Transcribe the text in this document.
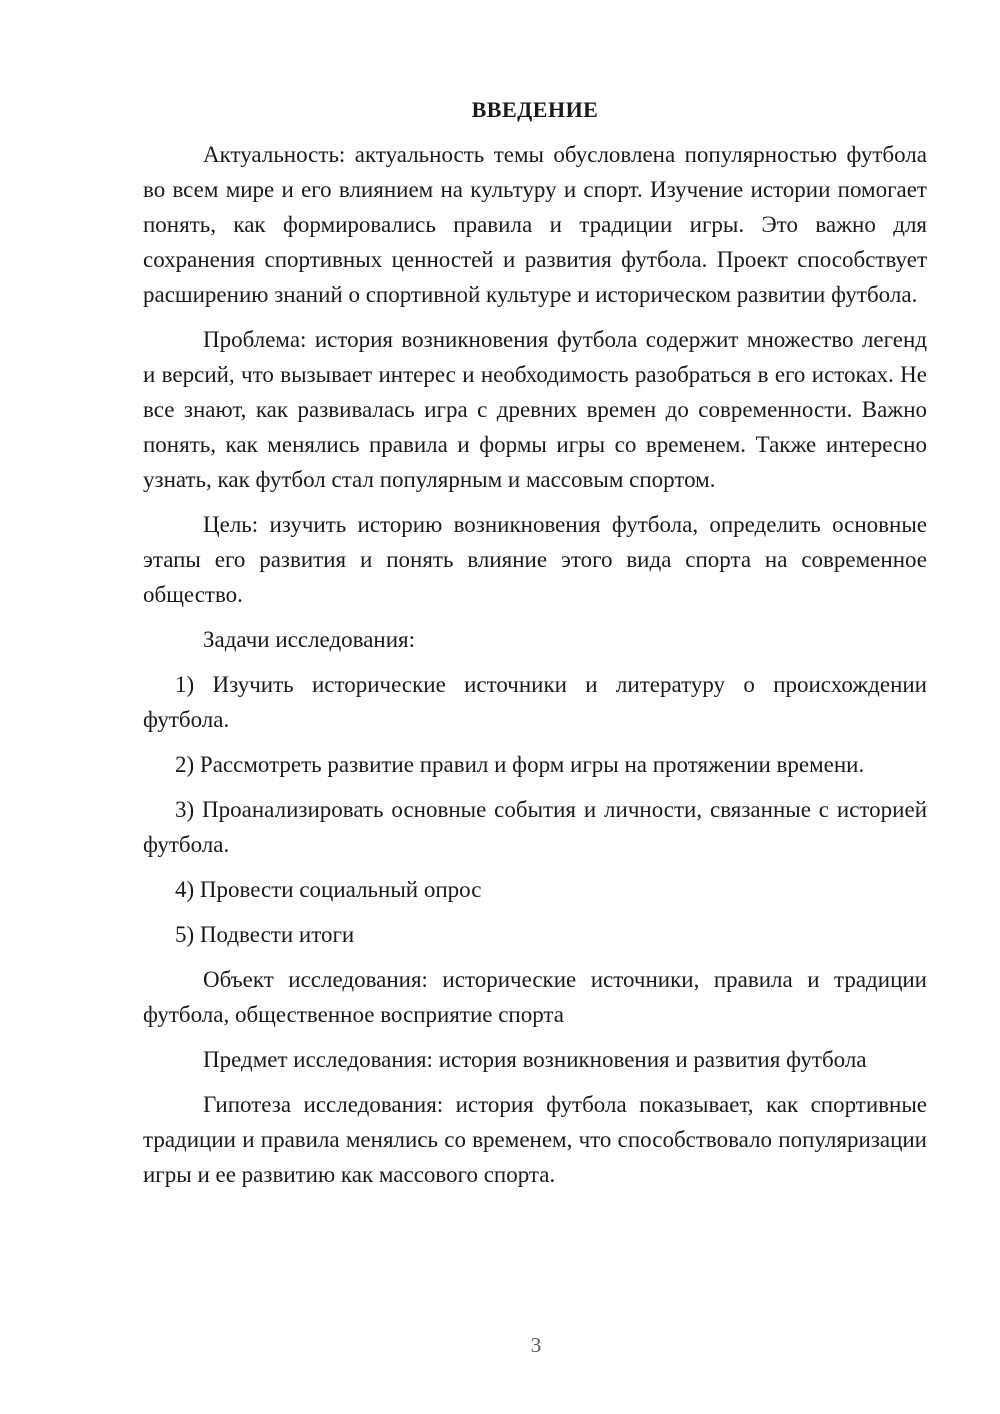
ВВЕДЕНИЕ

Актуальность: актуальность темы обусловлена популярностью футбола во всем мире и его влиянием на культуру и спорт. Изучение истории помогает понять, как формировались правила и традиции игры. Это важно для сохранения спортивных ценностей и развития футбола. Проект способствует расширению знаний о спортивной культуре и историческом развитии футбола.

Проблема: история возникновения футбола содержит множество легенд и версий, что вызывает интерес и необходимость разобраться в его истоках. Не все знают, как развивалась игра с древних времен до современности. Важно понять, как менялись правила и формы игры со временем. Также интересно узнать, как футбол стал популярным и массовым спортом.

Цель: изучить историю возникновения футбола, определить основные этапы его развития и понять влияние этого вида спорта на современное общество.

Задачи исследования:

1) Изучить исторические источники и литературу о происхождении футбола.

2) Рассмотреть развитие правил и форм игры на протяжении времени.

3) Проанализировать основные события и личности, связанные с историей футбола.

4) Провести социальный опрос

5) Подвести итоги

Объект исследования: исторические источники, правила и традиции футбола, общественное восприятие спорта

Предмет исследования: история возникновения и развития футбола

Гипотеза исследования: история футбола показывает, как спортивные традиции и правила менялись со временем, что способствовало популяризации игры и ее развитию как массового спорта.

3
